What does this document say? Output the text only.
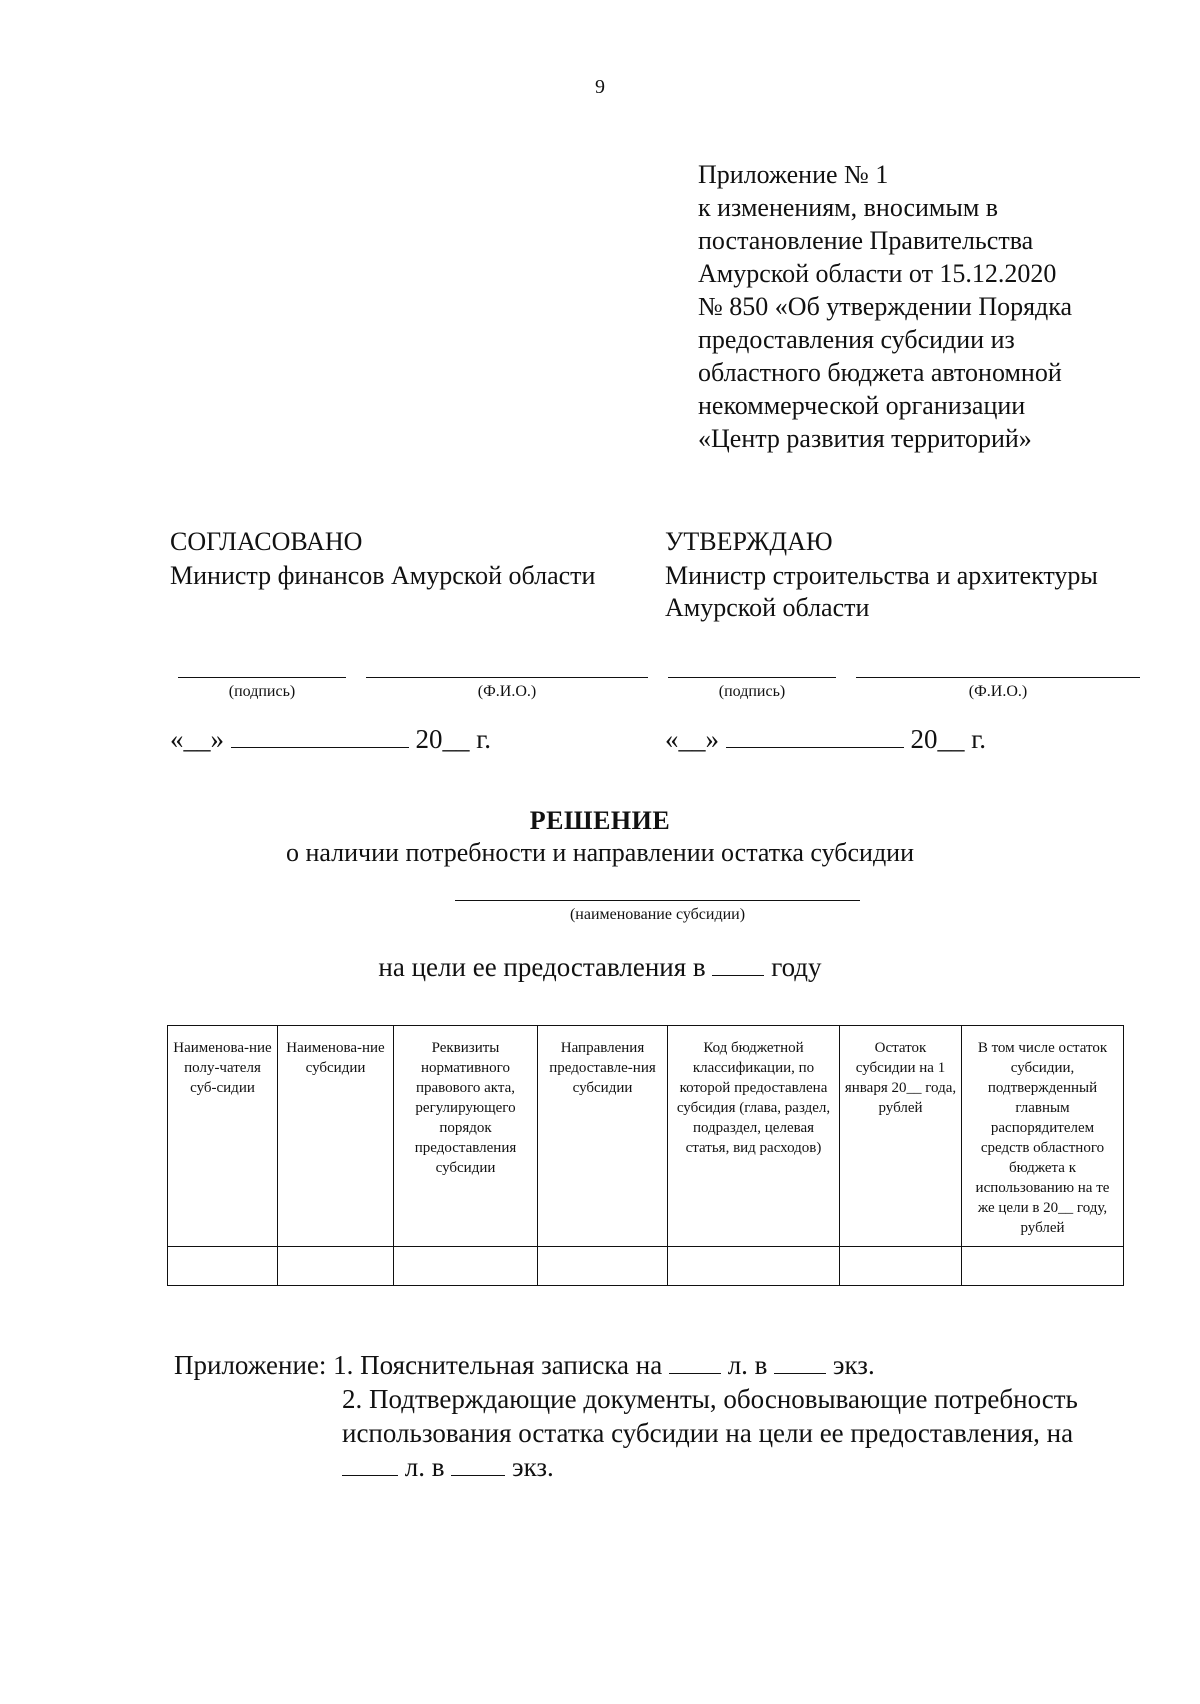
9
Приложение № 1
к изменениям, вносимым в
постановление Правительства
Амурской области от 15.12.2020
№ 850 «Об утверждении Порядка
предоставления субсидии из
областного бюджета автономной
некоммерческой организации
«Центр развития территорий»
СОГЛАСОВАНО
Министр финансов Амурской области
УТВЕРЖДАЮ
Министр строительства и архитектуры
Амурской области
(подпись)	(Ф.И.О.)	(подпись)	(Ф.И.О.)
«__»	20__ г.	«__»	20__ г.
РЕШЕНИЕ
о наличии потребности и направлении остатка субсидии
(наименование субсидии)
на цели ее предоставления в году
Наименова-ние полу-чателя суб-сидии	Наименова-ние субсидии	Реквизиты нормативного правового акта, регулирующего порядок предоставления субсидии	Направления предоставле-ния субсидии	Код бюджетной классификации, по которой предоставлена субсидия (глава, раздел, подраздел, целевая статья, вид расходов)	Остаток субсидии на 1 января 20__ года, рублей	В том числе остаток субсидии, подтвержденный главным распорядителем средств областного бюджета к использованию на те же цели в 20__ году, рублей

Приложение: 1. Пояснительная записка на л. в экз.
2. Подтверждающие документы, обосновывающие потребность
использования остатка субсидии на цели ее предоставления, на
л. в	экз.
